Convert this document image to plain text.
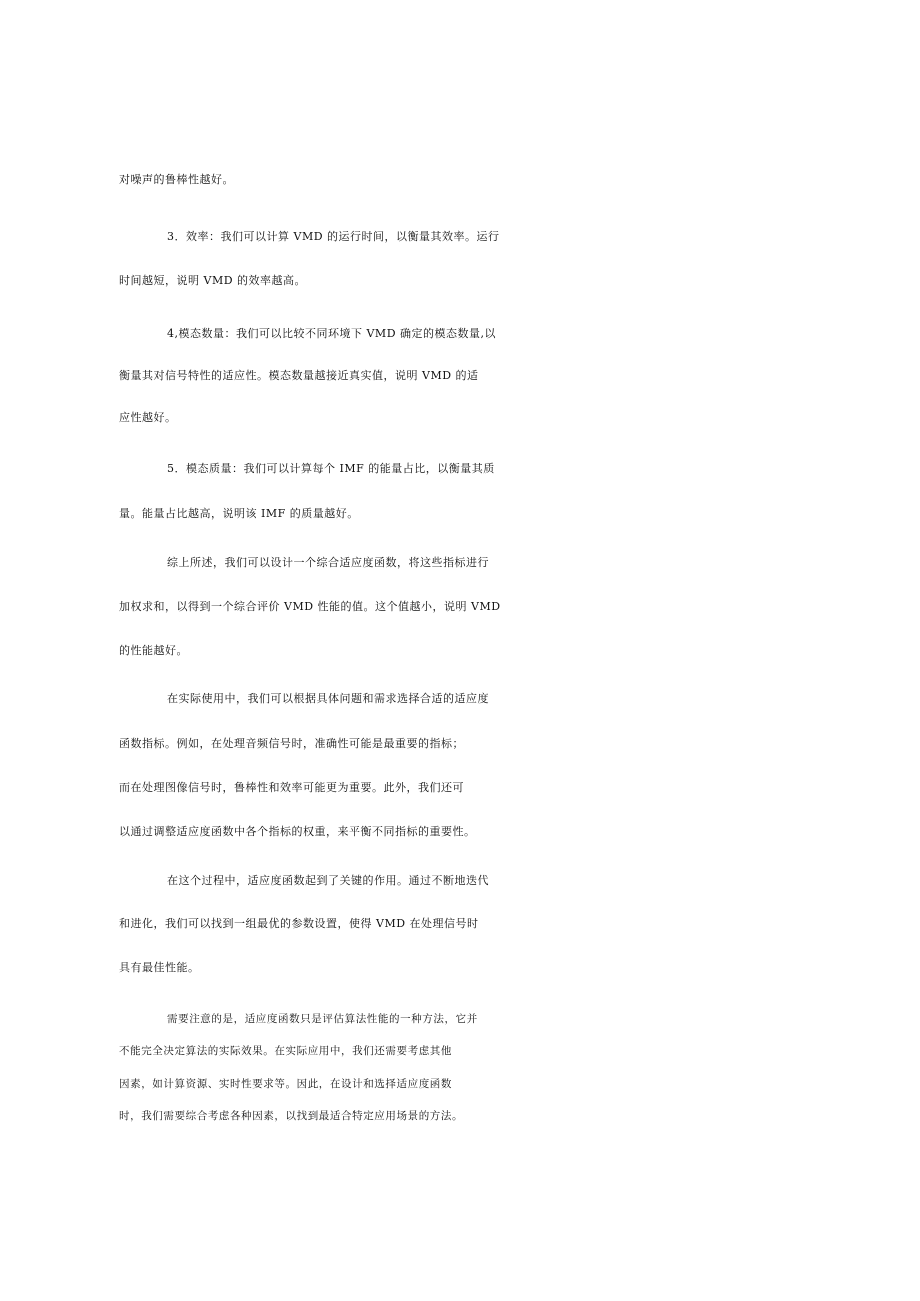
对噪声的鲁棒性越好。

3．效率：我们可以计算 VMD 的运行时间，以衡量其效率。运行

时间越短，说明 VMD 的效率越高。

4,模态数量：我们可以比较不同环境下 VMD 确定的模态数量,以

衡量其对信号特性的适应性。模态数量越接近真实值，说明 VMD 的适

应性越好。

5．模态质量：我们可以计算每个 IMF 的能量占比，以衡量其质

量。能量占比越高，说明该 IMF 的质量越好。

综上所述，我们可以设计一个综合适应度函数，将这些指标进行

加权求和，以得到一个综合评价 VMD 性能的值。这个值越小，说明 VMD

的性能越好。

在实际使用中，我们可以根据具体问题和需求选择合适的适应度

函数指标。例如，在处理音频信号时，准确性可能是最重要的指标；

而在处理图像信号时，鲁棒性和效率可能更为重要。此外，我们还可

以通过调整适应度函数中各个指标的权重，来平衡不同指标的重要性。

在这个过程中，适应度函数起到了关键的作用。通过不断地迭代

和进化，我们可以找到一组最优的参数设置，使得 VMD 在处理信号时

具有最佳性能。

需要注意的是，适应度函数只是评估算法性能的一种方法，它并

不能完全决定算法的实际效果。在实际应用中，我们还需要考虑其他

因素，如计算资源、实时性要求等。因此，在设计和选择适应度函数

时，我们需要综合考虑各种因素，以找到最适合特定应用场景的方法。
